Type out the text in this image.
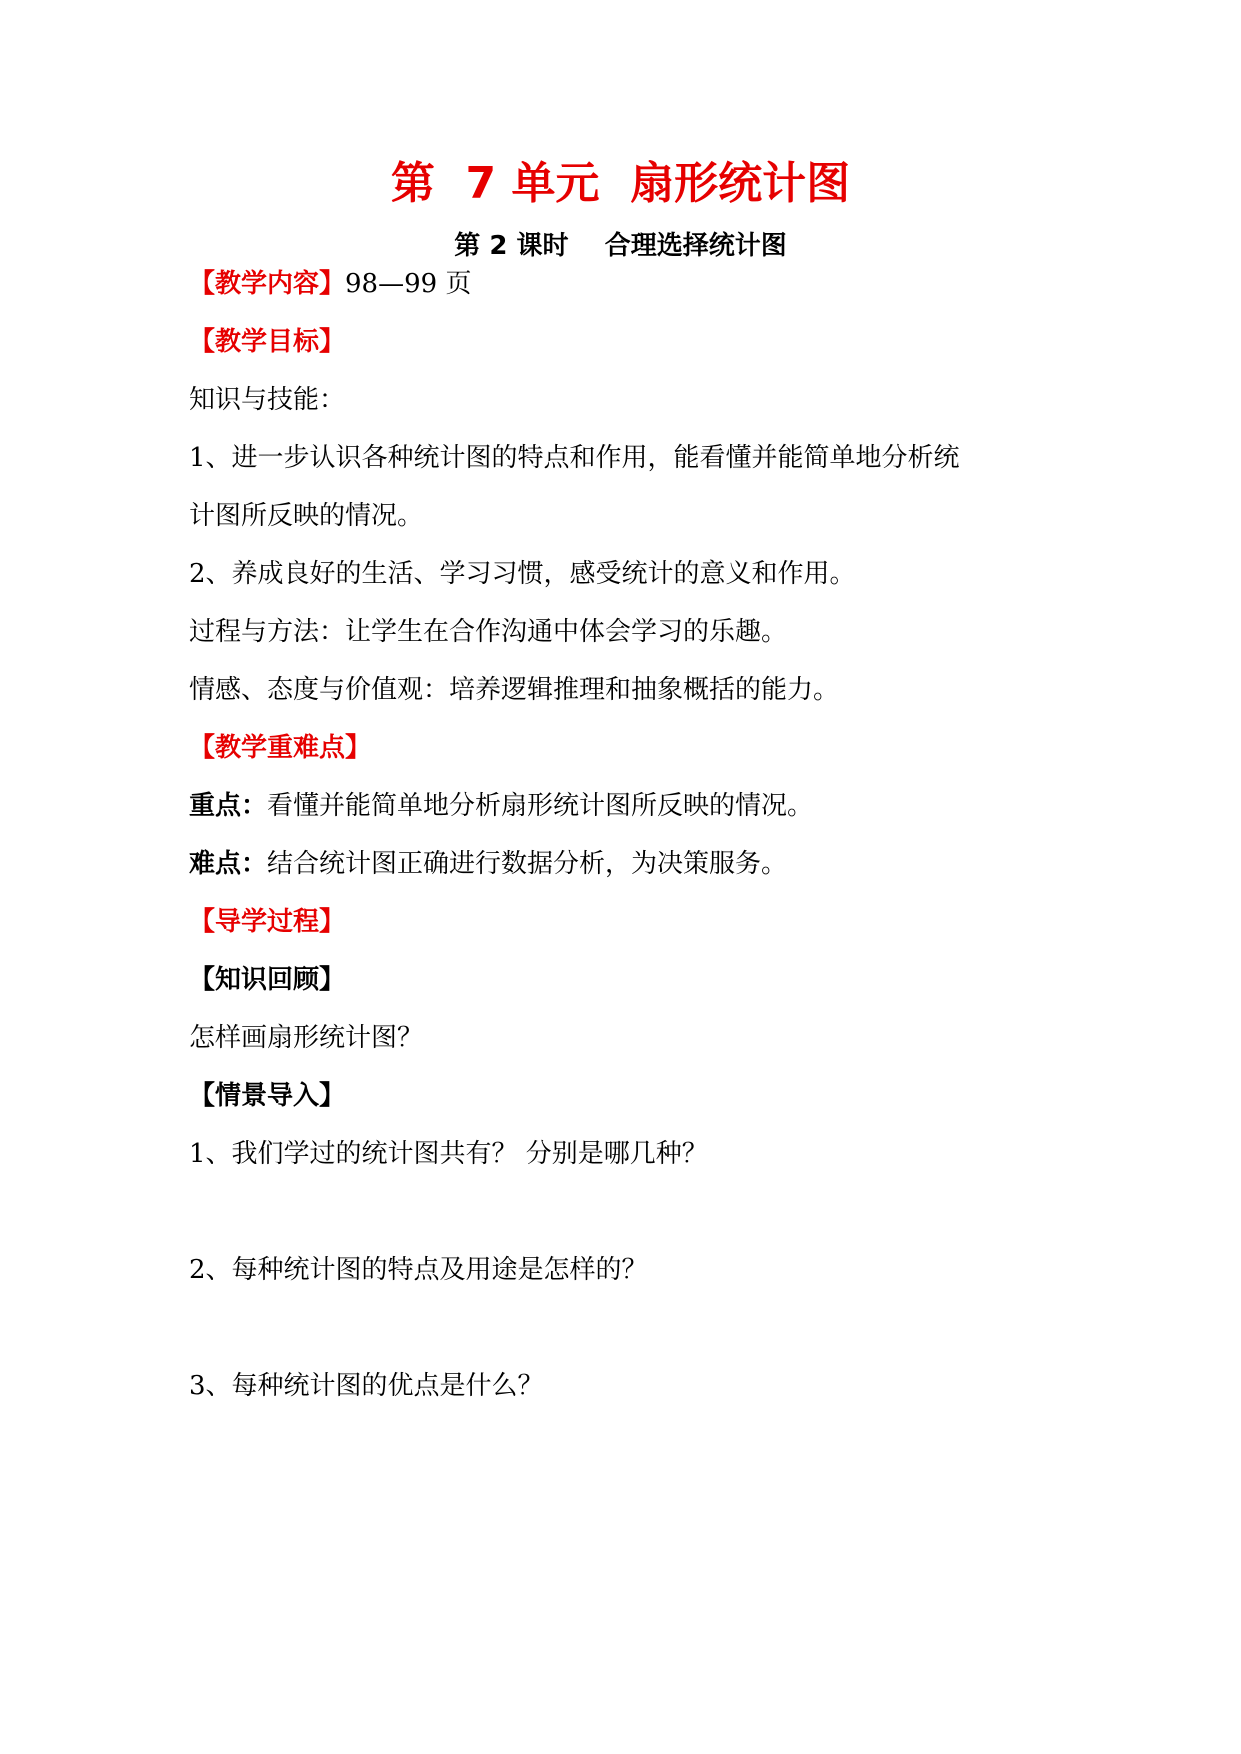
第  7 单元  扇形统计图
第 2 课时    合理选择统计图
【教学内容】98—99 页
【教学目标】
知识与技能：
1、进一步认识各种统计图的特点和作用，能看懂并能简单地分析统
计图所反映的情况。
2、养成良好的生活、学习习惯，感受统计的意义和作用。
过程与方法：让学生在合作沟通中体会学习的乐趣。
情感、态度与价值观：培养逻辑推理和抽象概括的能力。
【教学重难点】
重点：看懂并能简单地分析扇形统计图所反映的情况。
难点：结合统计图正确进行数据分析，为决策服务。
【导学过程】
【知识回顾】
怎样画扇形统计图？
【情景导入】
1、我们学过的统计图共有？ 分别是哪几种？
2、每种统计图的特点及用途是怎样的？
3、每种统计图的优点是什么？
